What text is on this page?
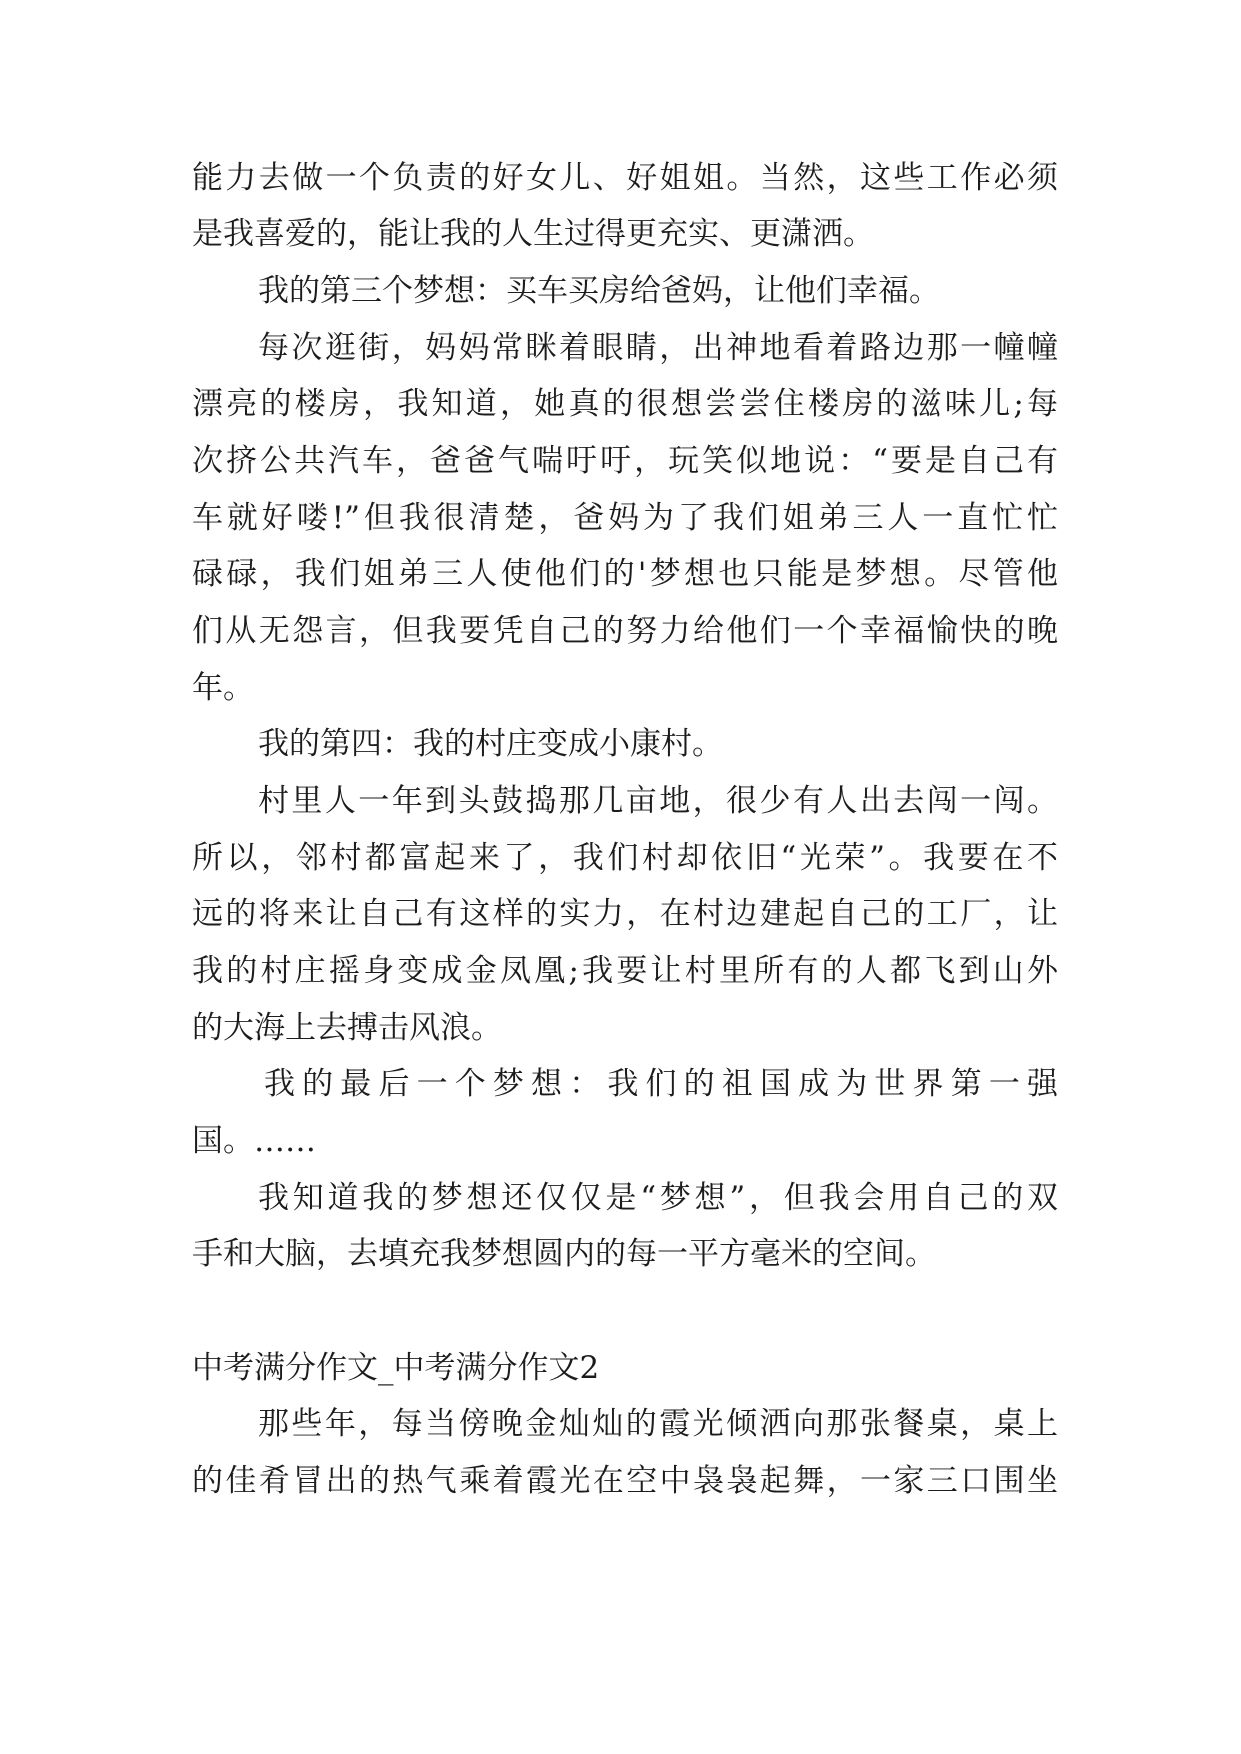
能力去做一个负责的好女儿、好姐姐。当然，这些工作必须
是我喜爱的，能让我的人生过得更充实、更潇洒。
我的第三个梦想：买车买房给爸妈，让他们幸福。
每次逛街，妈妈常眯着眼睛，出神地看着路边那一幢幢
漂亮的楼房，我知道，她真的很想尝尝住楼房的滋味儿;每
次挤公共汽车，爸爸气喘吁吁，玩笑似地说：“要是自己有
车就好喽!”但我很清楚，爸妈为了我们姐弟三人一直忙忙
碌碌，我们姐弟三人使他们的'梦想也只能是梦想。尽管他
们从无怨言，但我要凭自己的努力给他们一个幸福愉快的晚
年。
我的第四：我的村庄变成小康村。
村里人一年到头鼓捣那几亩地，很少有人出去闯一闯。
所以，邻村都富起来了，我们村却依旧“光荣”。我要在不
远的将来让自己有这样的实力，在村边建起自己的工厂，让
我的村庄摇身变成金凤凰;我要让村里所有的人都飞到山外
的大海上去搏击风浪。
我的最后一个梦想：我们的祖国成为世界第一强
国。……
我知道我的梦想还仅仅是“梦想”，但我会用自己的双
手和大脑，去填充我梦想圆内的每一平方毫米的空间。
中考满分作文_中考满分作文2
那些年，每当傍晚金灿灿的霞光倾洒向那张餐桌，桌上
的佳肴冒出的热气乘着霞光在空中袅袅起舞，一家三口围坐
